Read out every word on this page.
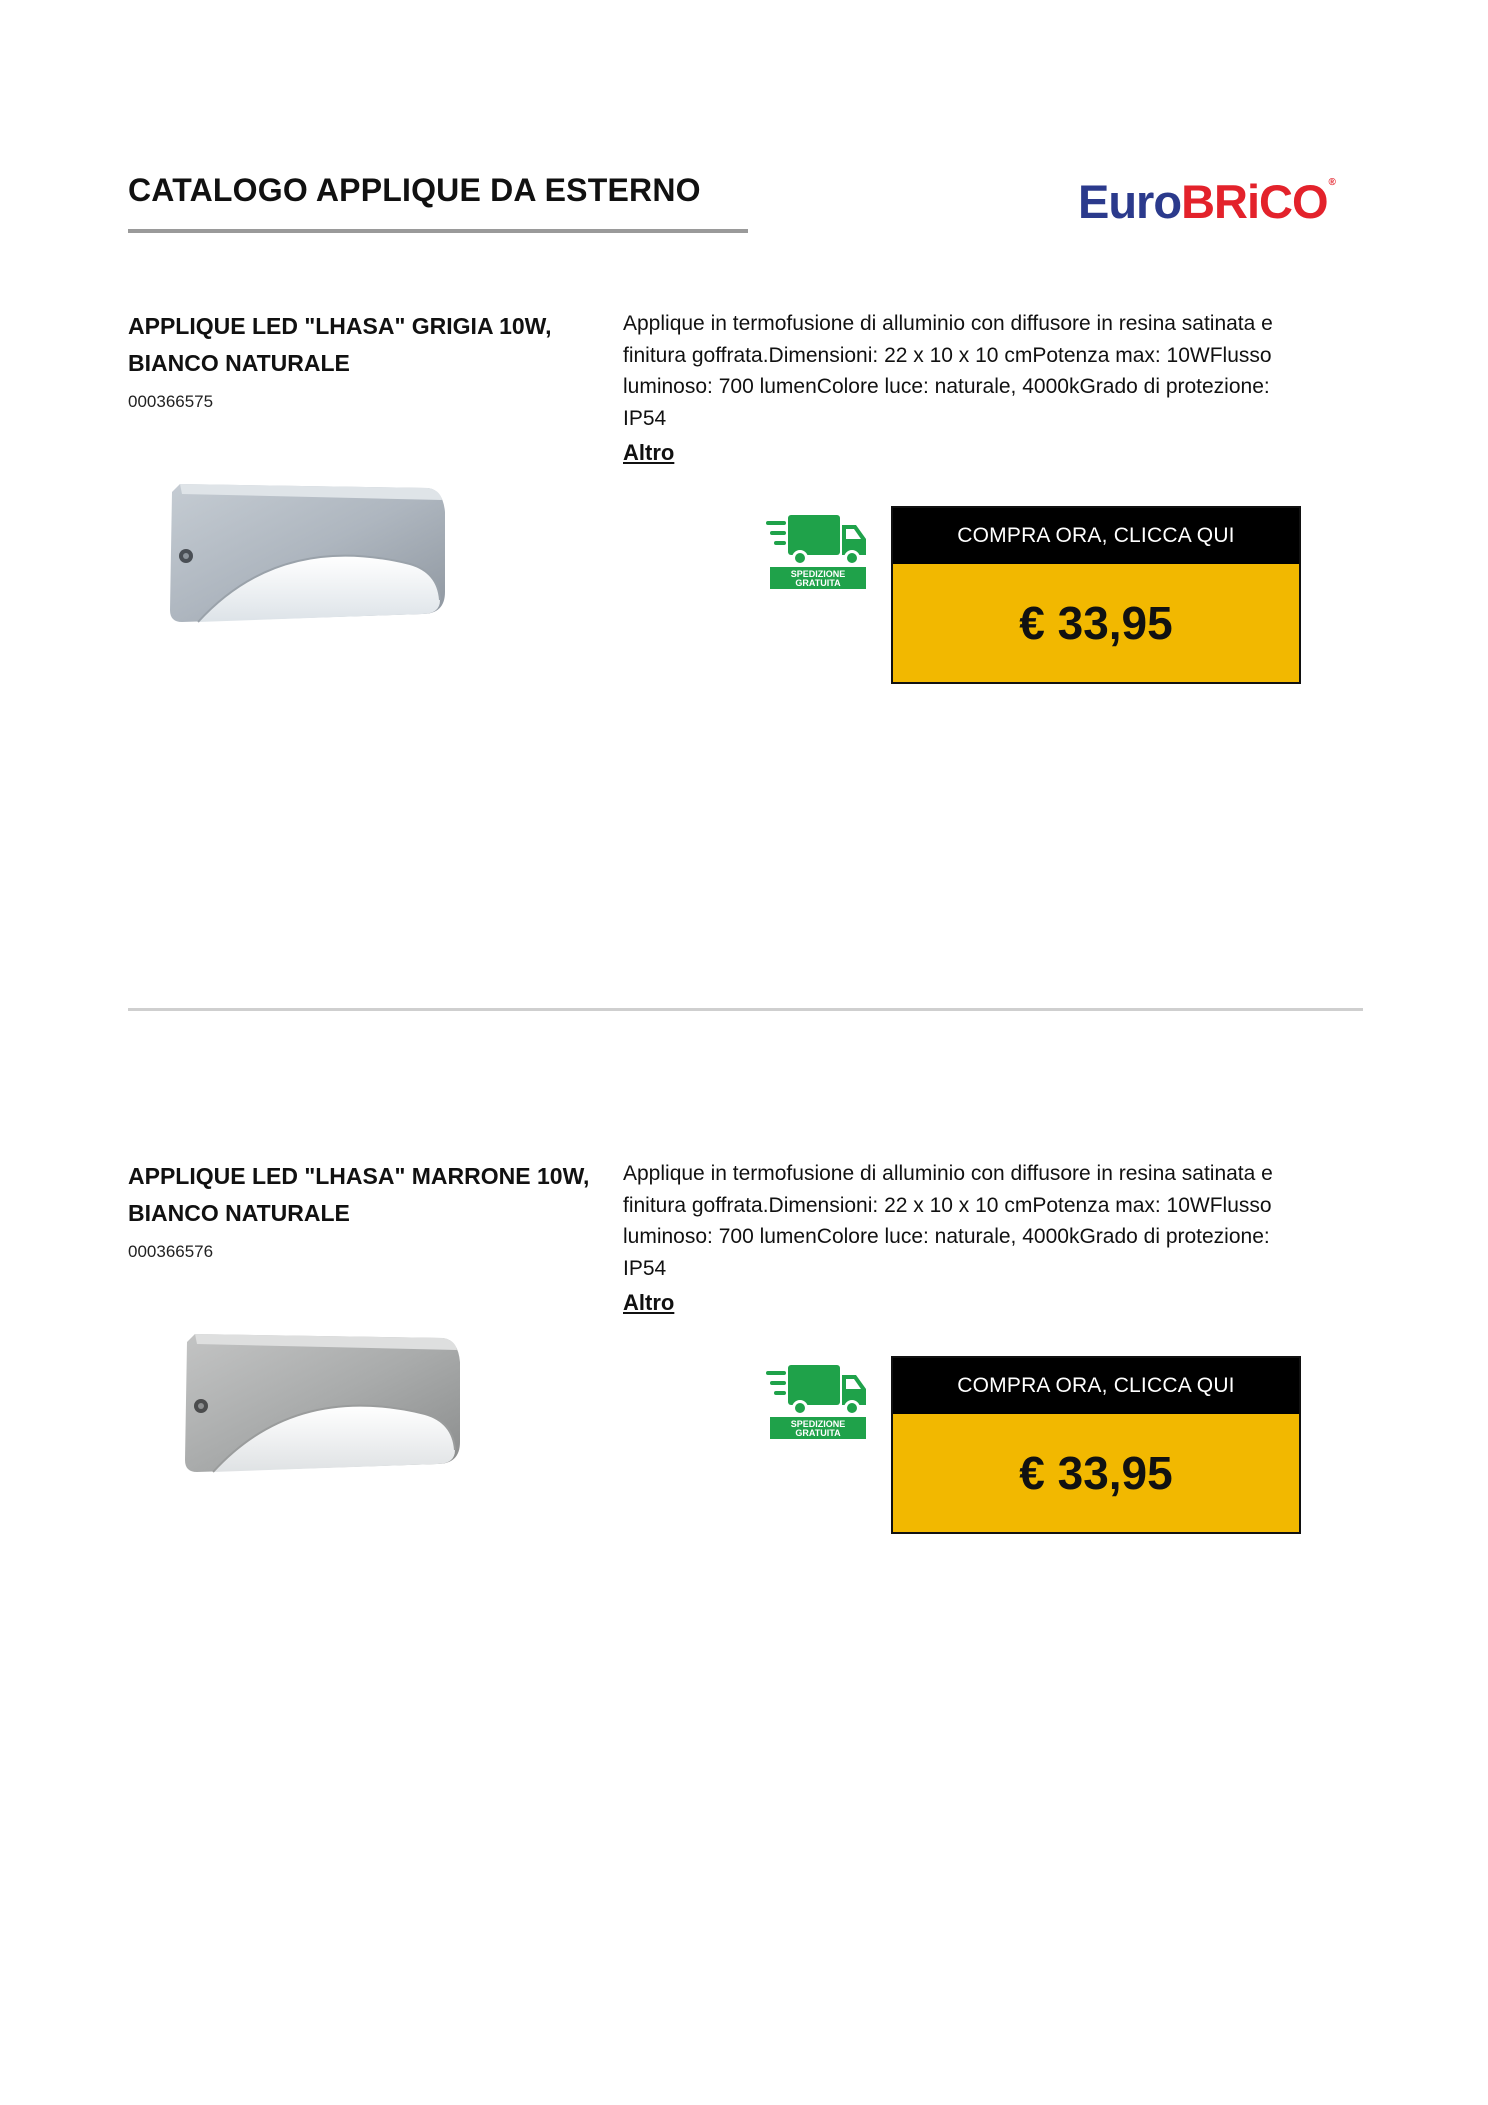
CATALOGO APPLIQUE DA ESTERNO	EuroBRiCO®
APPLIQUE LED "LHASA" GRIGIA 10W, BIANCO NATURALE
000366575
Applique in termofusione di alluminio con diffusore in resina satinata e finitura goffrata.Dimensioni: 22 x 10 x 10 cmPotenza max: 10WFlusso luminoso: 700 lumenColore luce: naturale, 4000kGrado di protezione: IP54
Altro
SPEDIZIONE
GRATUITA
COMPRA ORA, CLICCA QUI
€ 33,95
APPLIQUE LED "LHASA" MARRONE 10W, BIANCO NATURALE
000366576
Applique in termofusione di alluminio con diffusore in resina satinata e finitura goffrata.Dimensioni: 22 x 10 x 10 cmPotenza max: 10WFlusso luminoso: 700 lumenColore luce: naturale, 4000kGrado di protezione: IP54
Altro
SPEDIZIONE
GRATUITA
COMPRA ORA, CLICCA QUI
€ 33,95
